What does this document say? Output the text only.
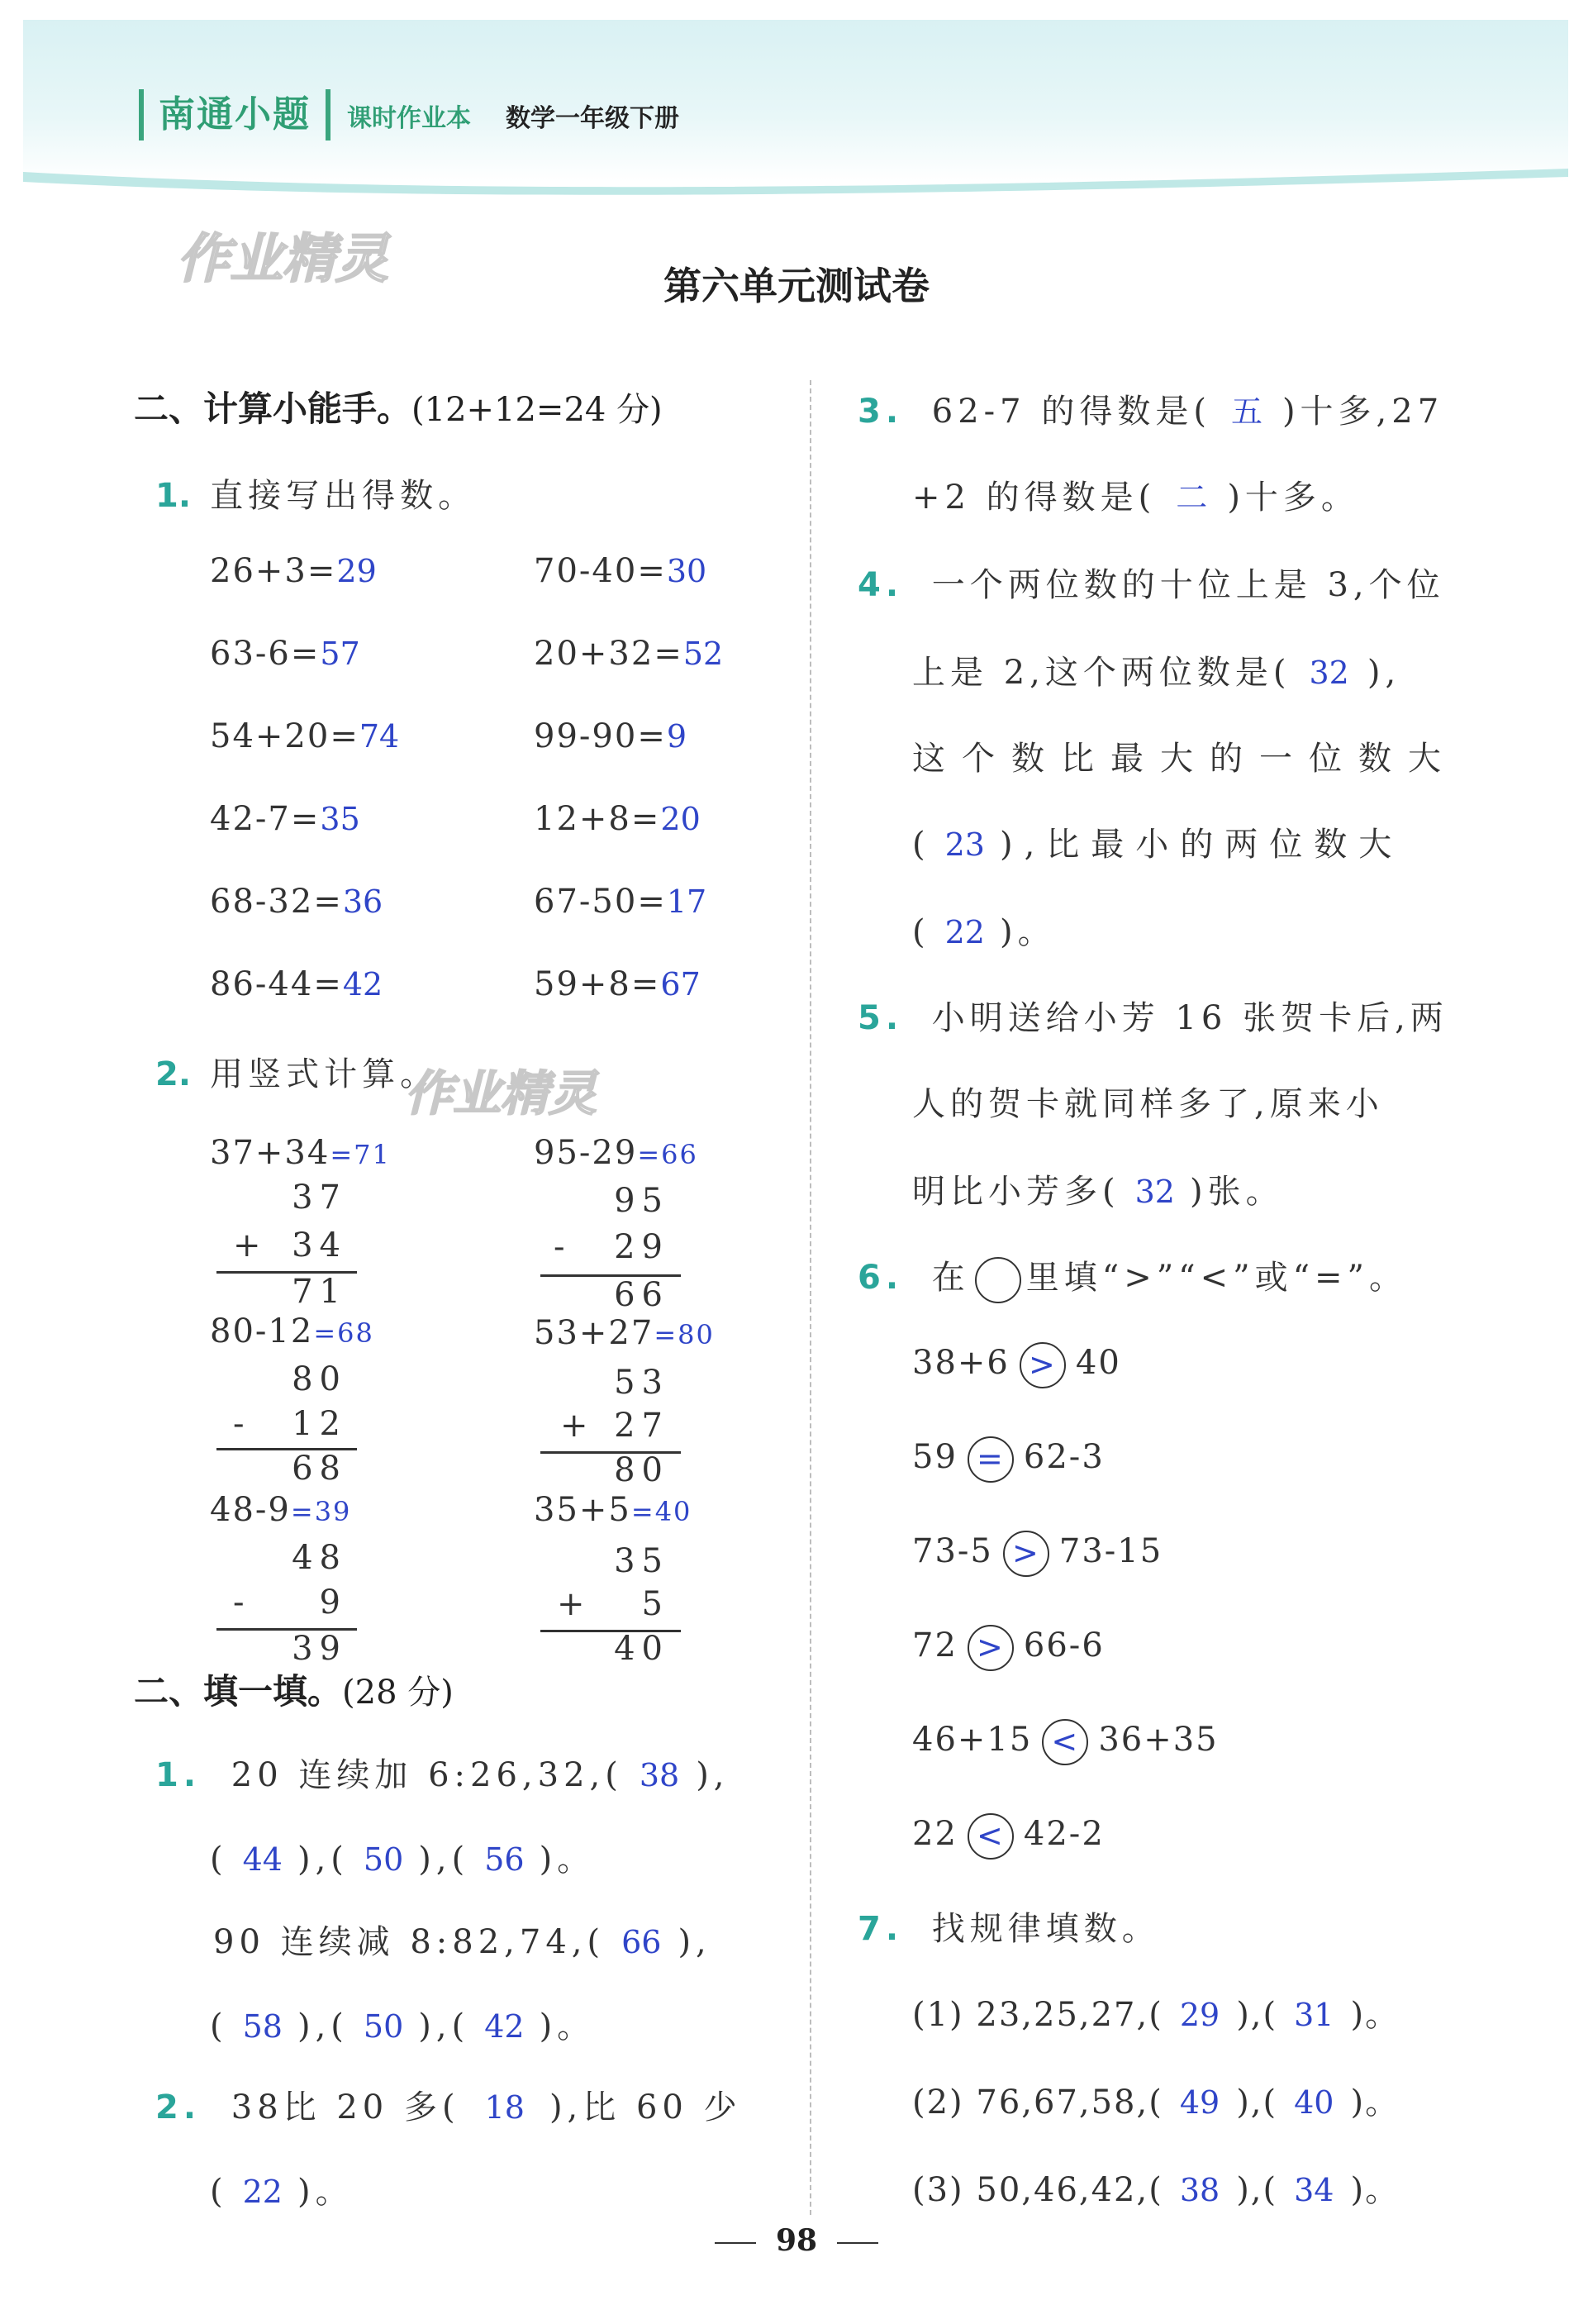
南通小题	课时作业本 数学一年级下册
作业精灵	第六单元测试卷
二、计算小能手。(12+12=24 分)
1. 直接写出得数。
26+3=29	70-40=30
63-6=57	20+32=52
54+20=74	99-90=9
42-7=35	12+8=20
68-32=36	67-50=17
86-44=42	59+8=67
2. 用竖式计算。
作业精灵
37+34=71
37
+ 34
71
95-29=66
95
-	29
66
80-12=68
80
-	12
68
53+27=80
53
+ 27
80
48-9=39
48
-	9
39
35+5=40
35
+	5
40
二、填一填。(28 分)
1. 20 连续加 6:26,32,( 38 ),
( 44 ),( 50 ),( 56 )。
90 连续减 8:82,74,( 66 ),
( 58 ),( 50 ),( 42 )。
2. 38比 20 多( 18 ),比 60 少
( 22 )。
3. 62-7 的得数是( 五 )十多,27
+2 的得数是( 二 )十多。
4. 一个两位数的十位上是 3,个位
上是 2,这个两位数是( 32 ),
这个数比最大的一位数大
( 23 ),比最小的两位数大
( 22 )。
5. 小明送给小芳 16 张贺卡后,两
人的贺卡就同样多了,原来小
明比小芳多( 32 )张。
6. 在 里填“>”“<”或“=”。
38+6 > 40
59 = 62-3
73-5 > 73-15
72 > 66-6
46+15 < 36+35
22 < 42-2
7. 找规律填数。
(1) 23,25,27,( 29 ),( 31 )。
(2) 76,67,58,( 49 ),( 40 )。
(3) 50,46,42,( 38 ),( 34 )。
98
